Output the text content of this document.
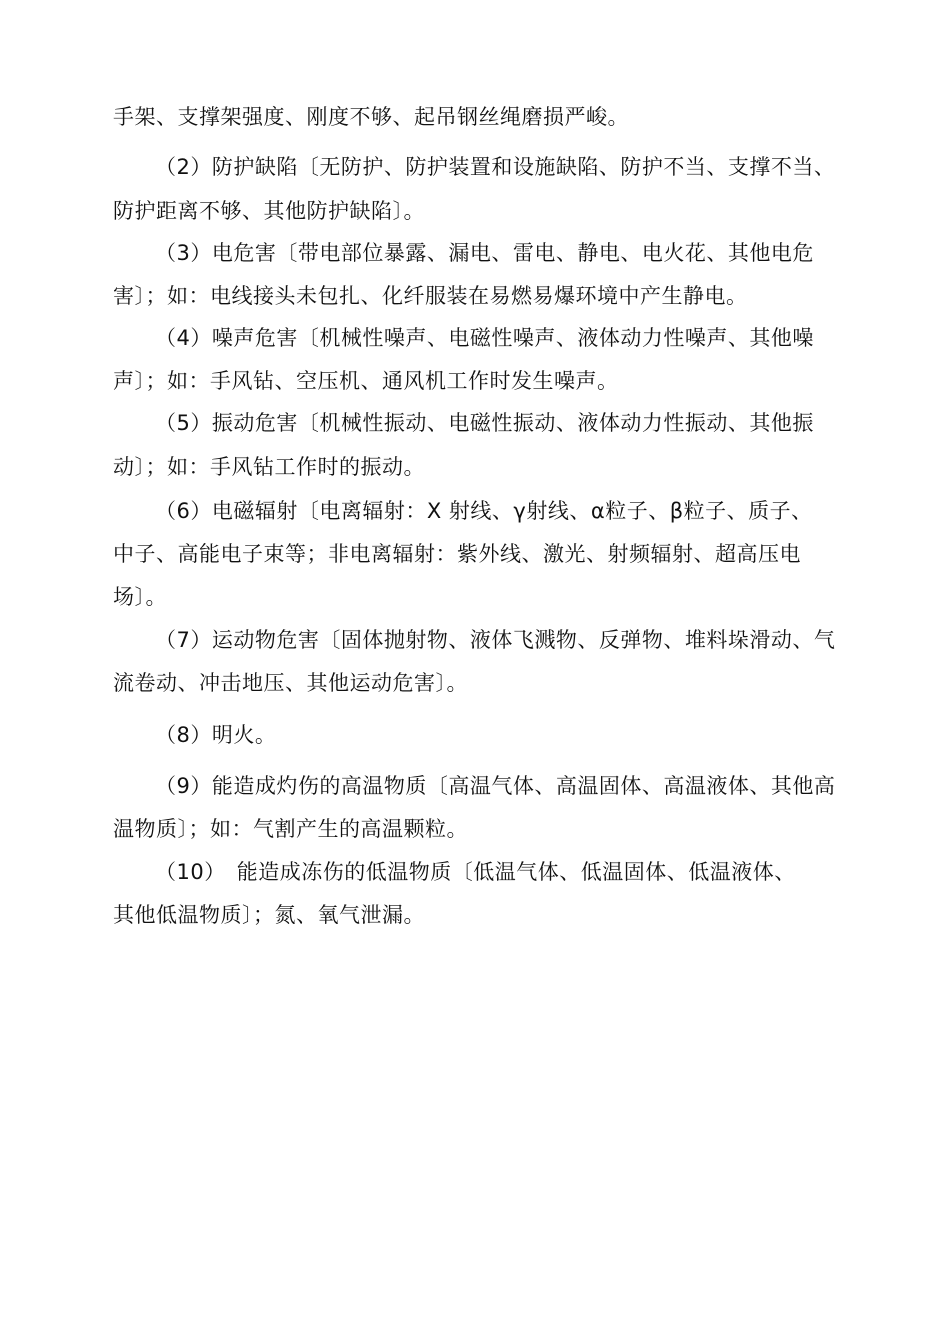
手架、支撑架强度、刚度不够、起吊钢丝绳磨损严峻。
（2）防护缺陷〔无防护、防护装置和设施缺陷、防护不当、支撑不当、
防护距离不够、其他防护缺陷〕。
（3）电危害〔带电部位暴露、漏电、雷电、静电、电火花、其他电危
害〕；如：电线接头未包扎、化纤服装在易燃易爆环境中产生静电。
（4）噪声危害〔机械性噪声、电磁性噪声、液体动力性噪声、其他噪
声〕；如：手风钻、空压机、通风机工作时发生噪声。
（5）振动危害〔机械性振动、电磁性振动、液体动力性振动、其他振
动〕；如：手风钻工作时的振动。
（6）电磁辐射〔电离辐射：X 射线、γ射线、α粒子、β粒子、质子、
中子、高能电子束等；非电离辐射：紫外线、激光、射频辐射、超高压电
场〕。
（7）运动物危害〔固体抛射物、液体飞溅物、反弹物、堆料垛滑动、气
流卷动、冲击地压、其他运动危害〕。
（8）明火。
（9）能造成灼伤的高温物质〔高温气体、高温固体、高温液体、其他高
温物质〕；如：气割产生的高温颗粒。
（10）　能造成冻伤的低温物质〔低温气体、低温固体、低温液体、
其他低温物质〕；氮、氧气泄漏。
